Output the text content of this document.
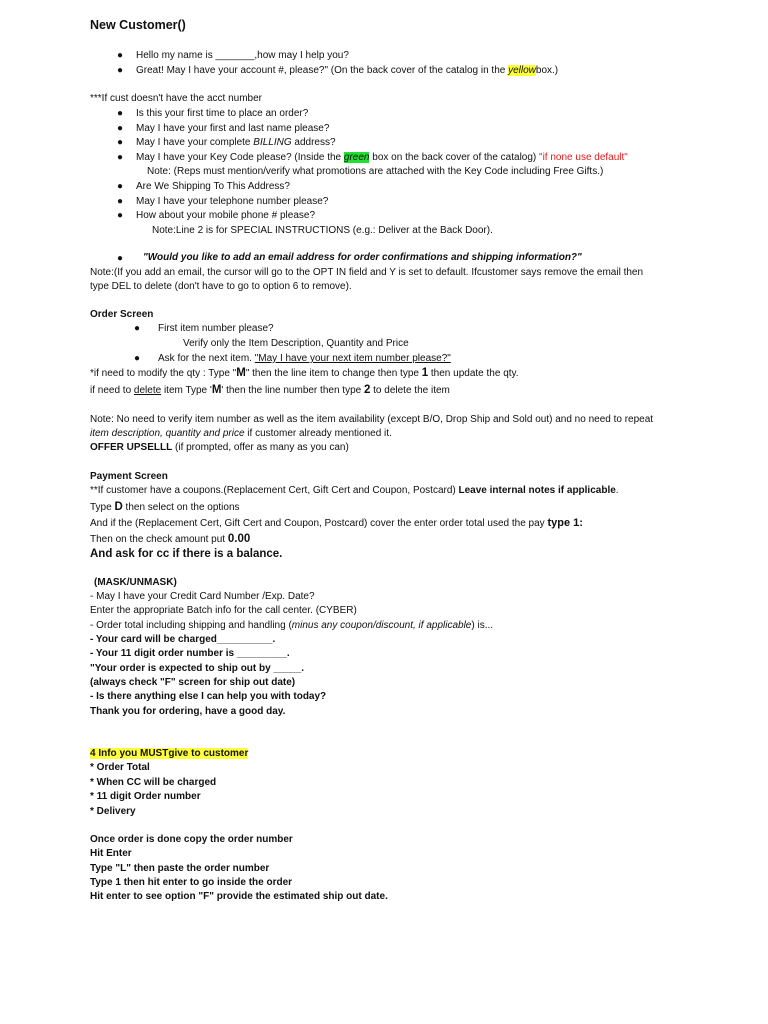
New Customer()
● Hello my name is _______,how may I help you?
● Great! May I have your account #, please?" (On the back cover of the catalog in the yellowbox.)
***If cust doesn't have the acct number
● Is this your first time to place an order?
● May I have your first and last name please?
● May I have your complete BILLING address?
● May I have your Key Code please? (Inside the green box on the back cover of the catalog) "if none use default"
Note: (Reps must mention/verify what promotions are attached with the Key Code including Free Gifts.)
● Are We Shipping To This Address?
● May I have your telephone number please?
● How about your mobile phone # please?
Note:Line 2 is for SPECIAL INSTRUCTIONS (e.g.: Deliver at the Back Door).
● "Would you like to add an email address for order confirmations and shipping information?"
Note:(If you add an email, the cursor will go to the OPT IN field and Y is set to default. Ifcustomer says remove the email then
type DEL to delete (don't have to go to option 6 to remove).
Order Screen
● First item number please?
Verify only the Item Description, Quantity and Price
● Ask for the next item. "May I have your next item number please?"
*if need to modify the qty : Type "M" then the line item to change then type 1 then update the qty.
if need to delete item Type 'M' then the line number then type 2 to delete the item
Note: No need to verify item number as well as the item availability (except B/O, Drop Ship and Sold out) and no need to repeat
item description, quantity and price if customer already mentioned it.
OFFER UPSELLL (if prompted, offer as many as you can)
Payment Screen
**If customer have a coupons.(Replacement Cert, Gift Cert and Coupon, Postcard) Leave internal notes if applicable.
Type D then select on the options
And if the (Replacement Cert, Gift Cert and Coupon, Postcard) cover the enter order total used the pay type 1:
Then on the check amount put 0.00
And ask for cc if there is a balance.
(MASK/UNMASK)
- May I have your Credit Card Number /Exp. Date?
Enter the appropriate Batch info for the call center. (CYBER)
- Order total including shipping and handling (minus any coupon/discount, if applicable) is...
- Your card will be charged__________.
- Your 11 digit order number is _________.
"Your order is expected to ship out by _____.
(always check "F" screen for ship out date)
- Is there anything else I can help you with today?
Thank you for ordering, have a good day.
4 Info you MUSTgive to customer
* Order Total
* When CC will be charged
* 11 digit Order number
* Delivery
Once order is done copy the order number
Hit Enter
Type "L" then paste the order number
Type 1 then hit enter to go inside the order
Hit enter to see option "F" provide the estimated ship out date.
